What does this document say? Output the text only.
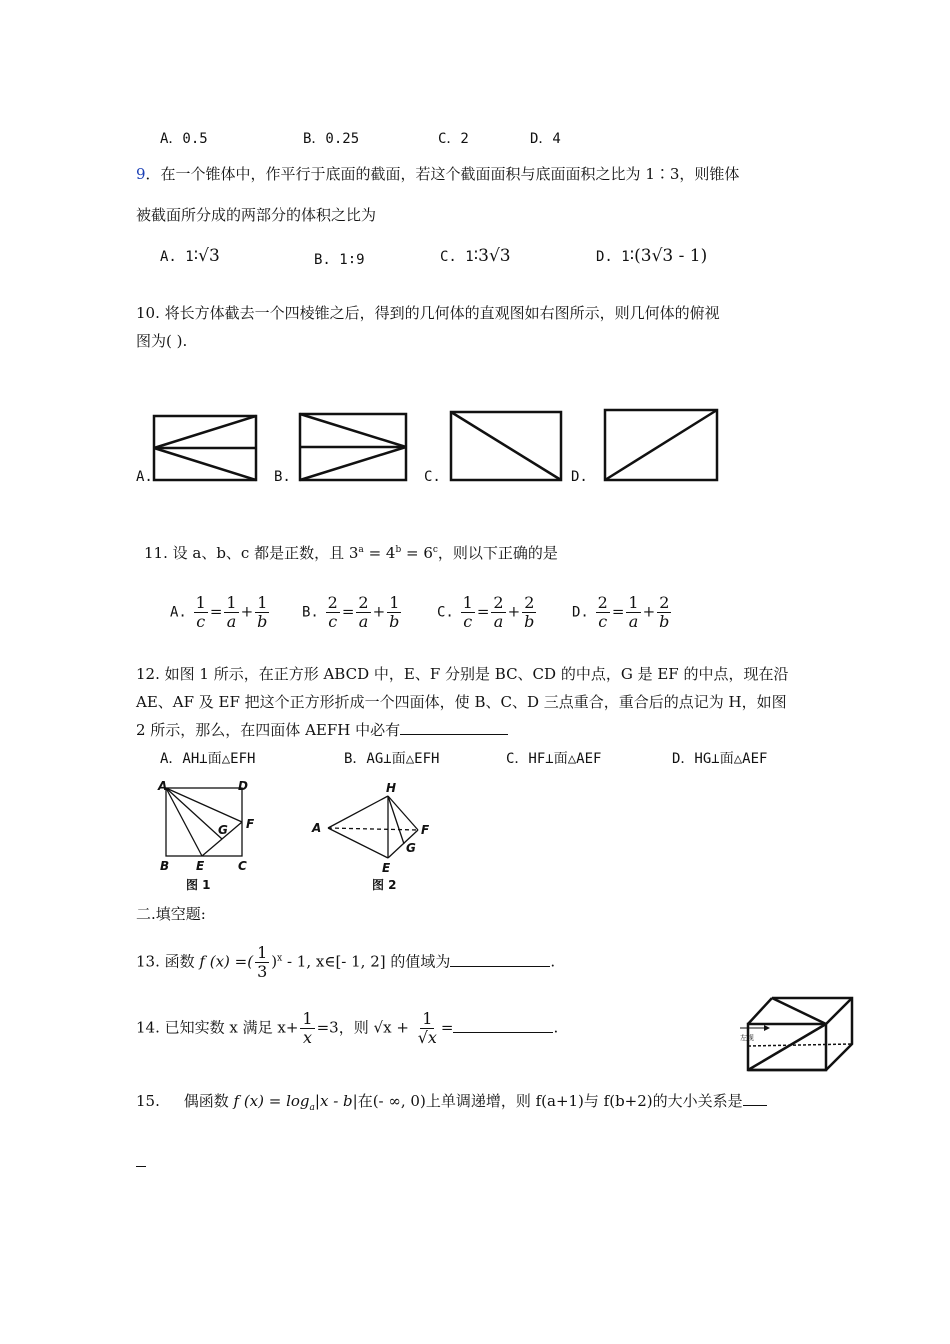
A．0.5	B．0.25	C．2	D．4
9．在一个锥体中，作平行于底面的截面，若这个截面面积与底面面积之比为 1∶3，则锥体
被截面所分成的两部分的体积之比为
A. 1∶√3	B. 1∶9	C. 1∶3√3	D. 1∶(3√3 - 1)
10. 将长方体截去一个四棱锥之后，得到的几何体的直观图如右图所示，则几何体的俯视
图为( ).
A.	B.	C.	D.
11. 设 a、b、c 都是正数，且 $3^a = 4^b = 6^c$，则以下正确的是
A. $\frac{1}{c} = \frac{1}{a} + \frac{1}{b} B$. $\frac{2}{c} = \frac{2}{a} + \frac{1}{b}$	C. $\frac{1}{c} = \frac{2}{a} + \frac{2}{b}$	D. $\frac{2}{c} = \frac{1}{a} + \frac{2}{b}$
12. 如图 1 所示，在正方形 ABCD 中，E、F 分别是 BC、CD 的中点，G 是 EF 的中点，现在沿
AE、AF 及 EF 把这个正方形折成一个四面体，使 B、C、D 三点重合，重合后的点记为 H，如图
2 所示，那么，在四面体 AEFH 中必有
A．AH⊥面△EFH	B．AG⊥面△EFH	C．HF⊥面△AEF	D．HG⊥面△AEF
A	D
F
G
B E	C
图 1
H
A	F
G
E
图 2
二.填空题:
13. 函数 f (x) =( $\frac{1}{3} )^x - 1$, x∈[- 1, 2] 的值域为	.
14. 已知实数 x 满足 $x+ \frac{1}{x} =3$，则 $√x + \frac{1}{√x}$ =	.
左视
15. 偶函数 f $(x) = \log_a|x - b|$在(- ∞, 0)上单调递增，则 f(a+1)与 f(b+2)的大小关系是
